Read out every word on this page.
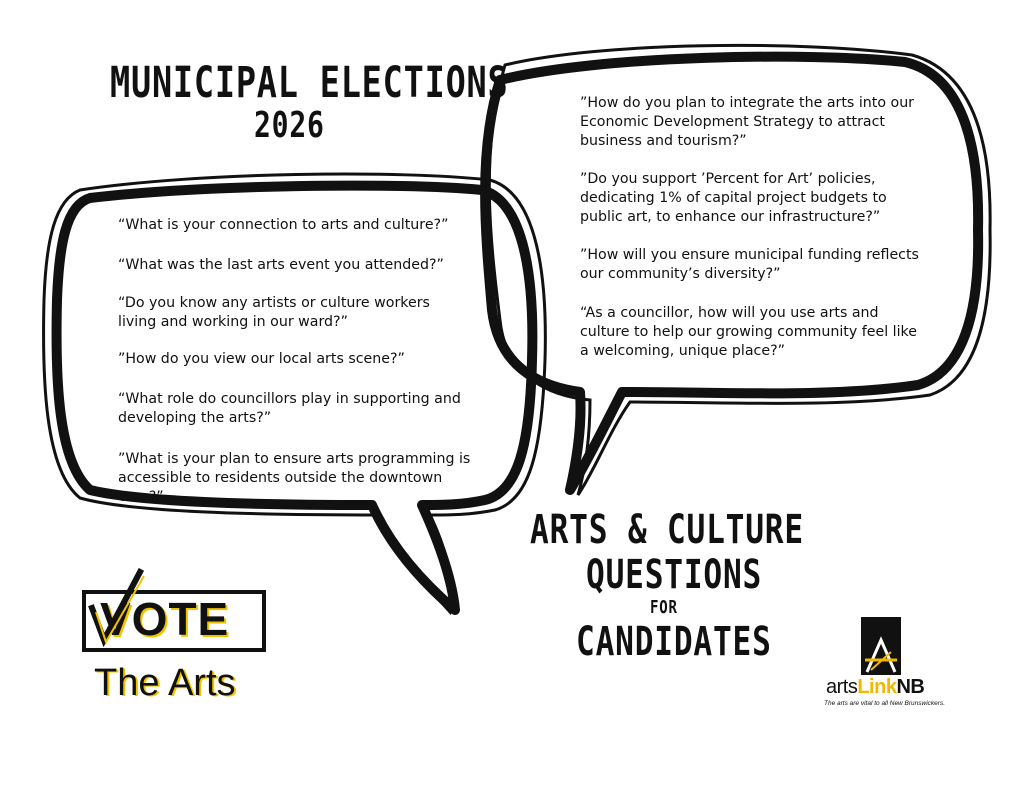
MUNICIPAL ELECTIONS
2026

“What is your connection to arts and culture?”

“What was the last arts event you attended?”

“Do you know any artists or culture workers living and working in our ward?”

”How do you view our local arts scene?”

“What role do councillors play in supporting and developing the arts?”

”What is your plan to ensure arts programming is accessible to residents outside the downtown core?”

”How do you plan to integrate the arts into our Economic Development Strategy to attract business and tourism?”

”Do you support ’Percent for Art’ policies, dedicating 1% of capital project budgets to public art, to enhance our infrastructure?”

”How will you ensure municipal funding reflects our community’s diversity?”

“As a councillor, how will you use arts and culture to help our growing community feel like a welcoming, unique place?”

ARTS & CULTURE
QUESTIONS
FOR
CANDIDATES
VOTE
The Arts	artsLinkNB
The arts are vital to all New Brunswickers.
